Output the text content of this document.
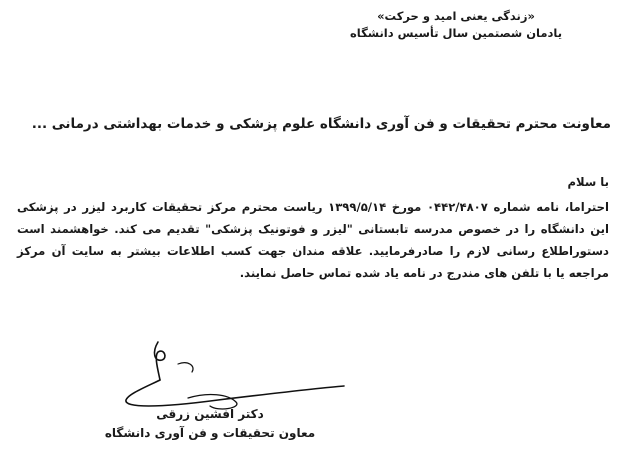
«زندگی یعنی امید و حرکت»
یادمان شصتمین سال تأسیس دانشگاه
معاونت محترم تحقیقات و فن آوری دانشگاه علوم پزشکی و خدمات بهداشتی درمانی ...

با سلام

احتراما، نامه شماره ۰۴۴۲/۴۸۰۷ مورخ ۱۳۹۹/۵/۱۴ ریاست محترم مرکز تحقیقات کاربرد لیزر در پزشکی این دانشگاه را در خصوص مدرسه تابستانی "لیزر و فوتونیک پزشکی" تقدیم می کند. خواهشمند است دستوراطلاع رسانی لازم را صادرفرمایید. علاقه مندان جهت کسب اطلاعات بیشتر به سایت آن مرکز مراجعه یا با تلفن های مندرج در نامه یاد شده تماس حاصل نمایند.

دکتر افشین زرقی
معاون تحقیقات و فن آوری دانشگاه
